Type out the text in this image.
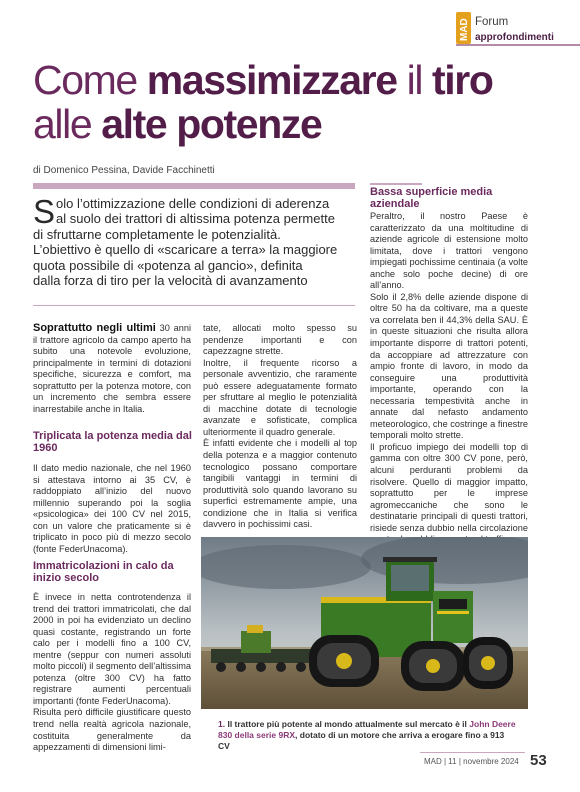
MAD Forum
approfondimenti
Come massimizzare il tiro
alle alte potenze
di Domenico Pessina, Davide Facchinetti
S olo l’ottimizzazione delle condizioni di aderenza
al suolo dei trattori di altissima potenza permette
di sfruttarne completamente le potenzialità.
L’obiettivo è quello di «scaricare a terra» la maggiore
quota possibile di «potenza al gancio», definita
dalla forza di tiro per la velocità di avanzamento

Soprattutto negli ultimi 30 anni il trattore agricolo da campo aperto ha subito una notevole evoluzione, principalmente in termini di dotazioni specifiche, sicurezza e comfort, ma soprattutto per la potenza motore, con un incremento che sembra essere inarrestabile anche in Italia.

Triplicata la potenza media dal 1960

Il dato medio nazionale, che nel 1960 si attestava intorno ai 35 CV, è raddoppiato all’inizio del nuovo millennio superando poi la soglia «psicologica» dei 100 CV nel 2015, con un valore che praticamente si è triplicato in poco più di mezzo secolo (fonte FederUnacoma).

Immatricolazioni in calo da inizio secolo

È invece in netta controtendenza il trend dei trattori immatricolati, che dal 2000 in poi ha evidenziato un declino quasi costante, registrando un forte calo per i modelli fino a 100 CV, mentre (seppur con numeri assoluti molto piccoli) il segmento dell’altissima potenza (oltre 300 CV) ha fatto registrare aumenti percentuali importanti (fonte FederUnacoma).

Risulta però difficile giustificare questo trend nella realtà agricola nazionale, costituita generalmente da appezzamenti di dimensioni limi-

tate, allocati molto spesso su pendenze importanti e con capezzagne strette.

Inoltre, il frequente ricorso a personale avventizio, che raramente può essere adeguatamente formato per sfruttare al meglio le potenzialità di macchine dotate di tecnologie avanzate e sofisticate, complica ulteriormente il quadro generale.

È infatti evidente che i modelli al top della potenza e a maggior contenuto tecnologico possano comportare tangibili vantaggi in termini di produttività solo quando lavorano su superfici estremamente ampie, una condizione che in Italia si verifica davvero in pochissimi casi.

Bassa superficie media aziendale

Peraltro, il nostro Paese è caratterizzato da una moltitudine di aziende agricole di estensione molto limitata, dove i trattori vengono impiegati pochissime centinaia (a volte anche solo poche decine) di ore all’anno.

Solo il 2,8% delle aziende dispone di oltre 50 ha da coltivare, ma a queste va correlata ben il 44,3% della SAU. È in queste situazioni che risulta allora importante disporre di trattori potenti, da accoppiare ad attrezzature con ampio fronte di lavoro, in modo da conseguire una produttività importante, operando con la necessaria tempestività anche in annate dal nefasto andamento meteorologico, che costringe a finestre temporali molto strette.

Il proficuo impiego dei modelli top di gamma con oltre 300 CV pone, però, alcuni perduranti problemi da risolvere. Quello di maggior impatto, soprattutto per le imprese agromeccaniche che sono le destinatarie principali di questi trattori, risiede senza dubbio nella circolazione

1. Il trattore più potente al mondo attualmente sul mercato è il John Deere 830 della serie 9RX, dotato di un motore che arriva a erogare fino a 913 CV
MAD | 11 | novembre 2024 53
